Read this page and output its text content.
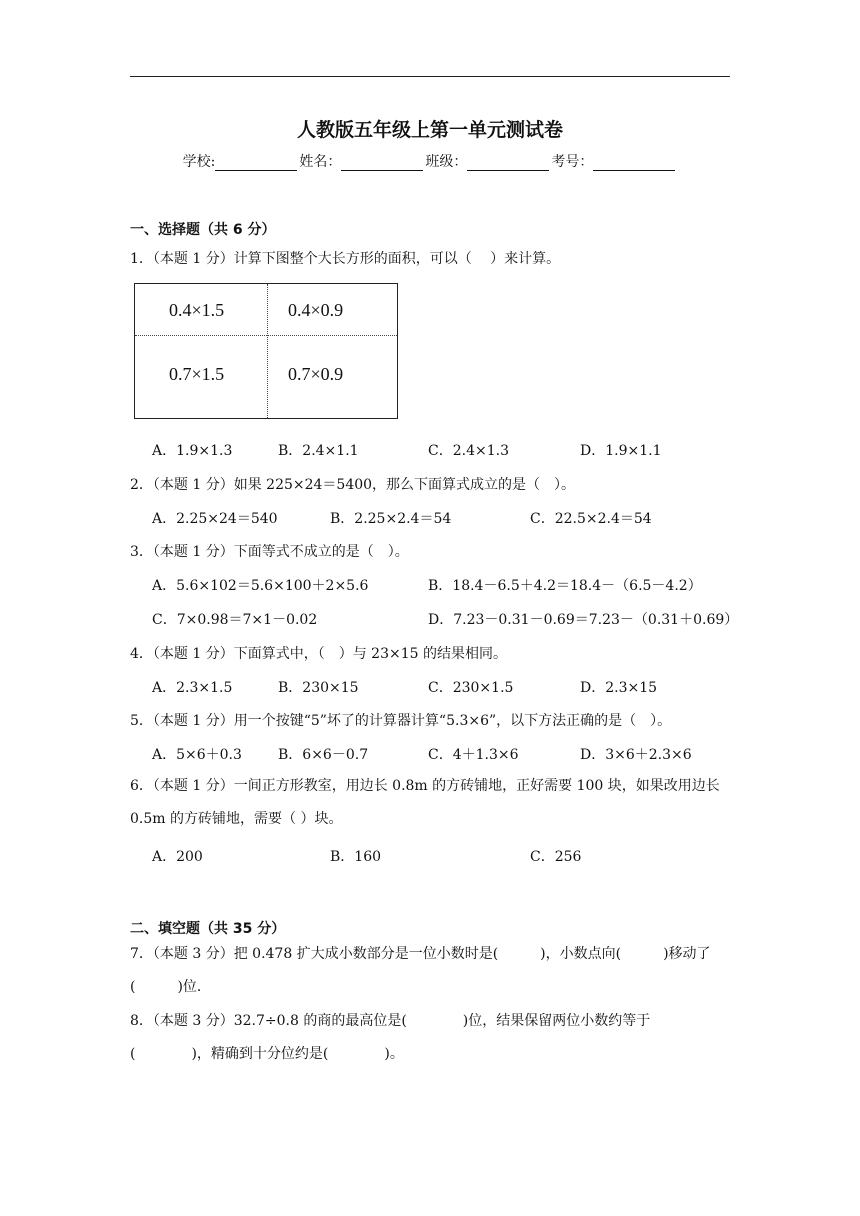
人教版五年级上第一单元测试卷
学校:	姓名：	班级：	考号：
一、选择题（共 6 分）
1．（本题 1 分）计算下图整个大长方形的面积，可以（　 ）来计算。
0.4×1.5	0.4×0.9
0.7×1.5	0.7×0.9
A．1.9×1.3	B．2.4×1.1	C．2.4×1.3	D．1.9×1.1
2．（本题 1 分）如果 225×24＝5400，那么下面算式成立的是（　）。
A．2.25×24＝540	B．2.25×2.4＝54	C．22.5×2.4＝54
3．（本题 1 分）下面等式不成立的是（　）。
A．5.6×102＝5.6×100＋2×5.6	B．18.4－6.5＋4.2＝18.4－（6.5－4.2）
C．7×0.98＝7×1－0.02	D．7.23－0.31－0.69＝7.23－（0.31＋0.69）
4．（本题 1 分）下面算式中，（　）与 23×15 的结果相同。
A．2.3×1.5	B．230×15	C．230×1.5	D．2.3×15
5．（本题 1 分）用一个按键“5”坏了的计算器计算“5.3×6”，以下方法正确的是（　）。
A．5×6＋0.3	B．6×6－0.7	C．4＋1.3×6	D．3×6＋2.3×6
6．（本题 1 分）一间正方形教室，用边长 0.8m 的方砖铺地，正好需要 100 块，如果改用边长 0.5m 的方砖铺地，需要（ ）块。
A．200	B．160	C．256
二、填空题（共 35 分）
7．（本题 3 分）把 0.478 扩大成小数部分是一位小数时是(　　　)，小数点向(　　　)移动了(　　　)位．
8．（本题 3 分）32.7÷0.8 的商的最高位是(　　　　)位，结果保留两位小数约等于(　　　　)，精确到十分位约是(　　　　)。
